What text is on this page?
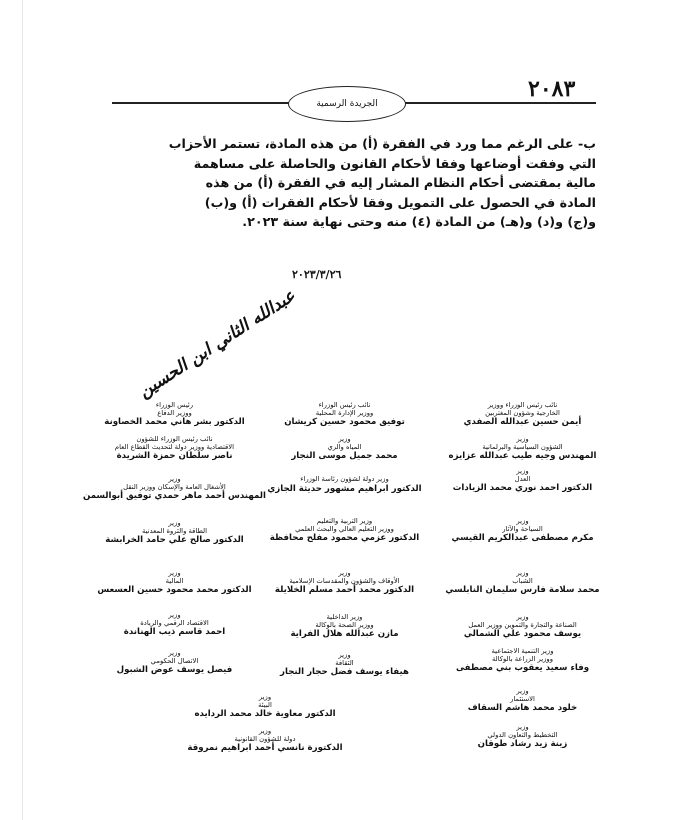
٢٠٨٣
الجريدة الرسمية
ب- على الرغم مما ورد في الفقرة (أ) من هذه المادة، تستمر الأحزاب
التي وفقت أوضاعها وفقا لأحكام القانون والحاصلة على مساهمة
مالية بمقتضى أحكام النظام المشار إليه في الفقرة (أ) من هذه
المادة في الحصول على التمويل وفقا لأحكام الفقرات (أ) و(ب)
و(ج) و(د) و(هـ) من المادة (٤) منه وحتى نهاية سنة ٢٠٢٣.
٢٠٢٣/٣/٢٦
عبدالله الثاني ابن الحسين
نائب رئيس الوزراء ووزير
الخارجية وشؤون المغتربين
أيمن حسين عبدالله الصفدي
وزير
الشؤون السياسية والبرلمانية
المهندس وجيه طيب عبدالله عزايزه
وزير
العدل
الدكتور احمد نوري محمد الزيادات
وزير
السياحة والآثار
مكرم مصطفى عبدالكريم القيسي
وزير
الشباب
محمد سلامة فارس سليمان النابلسي
وزير
الصناعة والتجارة والتموين ووزير العمل
يوسف محمود علي الشمالي
وزير التنمية الاجتماعية
ووزير الزراعة بالوكالة
وفاء سعيد يعقوب بني مصطفى
وزير
الاستثمار
خلود محمد هاشم السقاف
وزير
التخطيط والتعاون الدولي
زينة زيد رشاد طوقان
نائب رئيس الوزراء
ووزير الإدارة المحلية
توفيق محمود حسين كريشان
وزير
المياه والري
محمد جميل موسى النجار
وزير دولة لشؤون رئاسة الوزراء
الدكتور ابراهيم مشهور حديثة الجازي
وزير التربية والتعليم
ووزير التعليم العالي والبحث العلمي
الدكتور عزمي محمود مفلح محافظة
وزير
الأوقاف والشؤون والمقدسات الإسلامية
الدكتور محمد أحمد مسلم الخلايلة
وزير الداخلية
ووزير الصحة بالوكالة
مازن عبدالله هلال الفراية
وزير
الثقافة
هيفاء يوسف فضل حجار النجار
رئيس الوزراء
ووزير الدفاع
الدكتور بشر هاني محمد الخصاونة
نائب رئيس الوزراء للشؤون
الاقتصادية ووزير دولة لتحديث القطاع العام
ناصر سلطان حمزة الشريدة
وزير
الأشغال العامة والإسكان ووزير النقل
المهندس أحمد ماهر حمدي توفيق أبوالسمن
وزير
الطاقة والثروة المعدنية
الدكتور صالح علي حامد الخرابشة
وزير
المالية
الدكتور محمد محمود حسين العسعس
وزير
الاقتصاد الرقمي والريادة
احمد قاسم ذيب الهناندة
وزير
الاتصال الحكومي
فيصل يوسف عوض الشبول
وزير
البيئة
الدكتور معاوية خالد محمد الردايده
وزير
دولة للشؤون القانونية
الدكتورة نانسي أحمد ابراهيم نمروقة
